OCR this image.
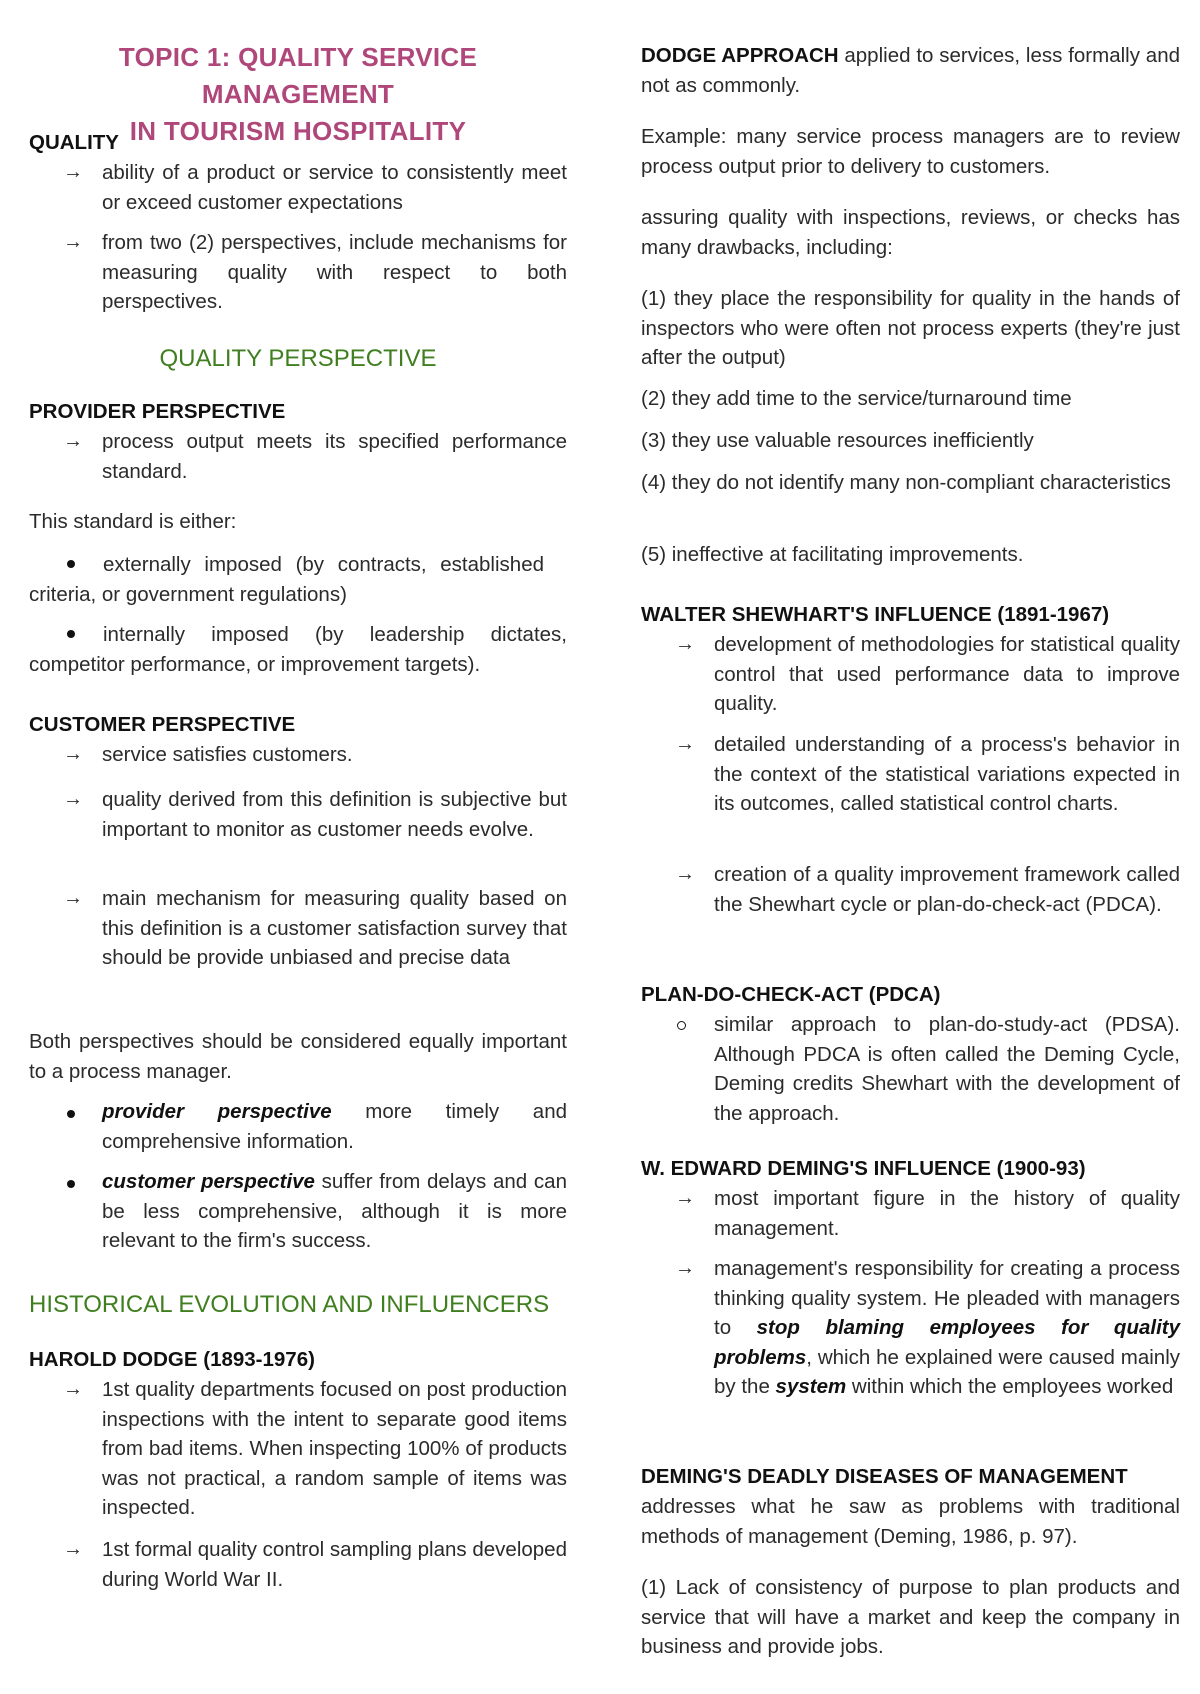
TOPIC 1: QUALITY SERVICE MANAGEMENT
IN TOURISM HOSPITALITY
QUALITY
→ ability of a product or service to consistently meet or exceed customer expectations
→ from two (2) perspectives, include mechanisms for measuring quality with respect to both perspectives.
QUALITY PERSPECTIVE
PROVIDER PERSPECTIVE
→ process output meets its specified performance standard.
This standard is either:
externally imposed (by contracts, established criteria, or government regulations)
internally imposed (by leadership dictates, competitor performance, or improvement targets).
CUSTOMER PERSPECTIVE
→ service satisfies customers.
→ quality derived from this definition is subjective but important to monitor as customer needs evolve.
→ main mechanism for measuring quality based on this definition is a customer satisfaction survey that should be provide unbiased and precise data
Both perspectives should be considered equally important to a process manager.
provider perspective more timely and comprehensive information.
customer perspective suffer from delays and can be less comprehensive, although it is more relevant to the firm's success.
HISTORICAL EVOLUTION AND INFLUENCERS
HAROLD DODGE (1893-1976)
→ 1st quality departments focused on post production inspections with the intent to separate good items from bad items. When inspecting 100% of products was not practical, a random sample of items was inspected.
→ 1st formal quality control sampling plans developed during World War II.
DODGE APPROACH applied to services, less formally and not as commonly.
Example: many service process managers are to review process output prior to delivery to customers.
assuring quality with inspections, reviews, or checks has many drawbacks, including:
(1) they place the responsibility for quality in the hands of inspectors who were often not process experts (they're just after the output)
(2) they add time to the service/turnaround time
(3) they use valuable resources inefficiently
(4) they do not identify many non-compliant characteristics
(5) ineffective at facilitating improvements.
WALTER SHEWHART'S INFLUENCE (1891-1967)
→ development of methodologies for statistical quality control that used performance data to improve quality.
→ detailed understanding of a process's behavior in the context of the statistical variations expected in its outcomes, called statistical control charts.
→ creation of a quality improvement framework called the Shewhart cycle or plan-do-check-act (PDCA).
PLAN-DO-CHECK-ACT (PDCA)
similar approach to plan-do-study-act (PDSA). Although PDCA is often called the Deming Cycle, Deming credits Shewhart with the development of the approach.
W. EDWARD DEMING'S INFLUENCE (1900-93)
→ most important figure in the history of quality management.
→ management's responsibility for creating a process thinking quality system. He pleaded with managers to stop blaming employees for quality problems, which he explained were caused mainly by the system within which the employees worked
DEMING'S DEADLY DISEASES OF MANAGEMENT
addresses what he saw as problems with traditional methods of management (Deming, 1986, p. 97).
(1) Lack of consistency of purpose to plan products and service that will have a market and keep the company in business and provide jobs.
